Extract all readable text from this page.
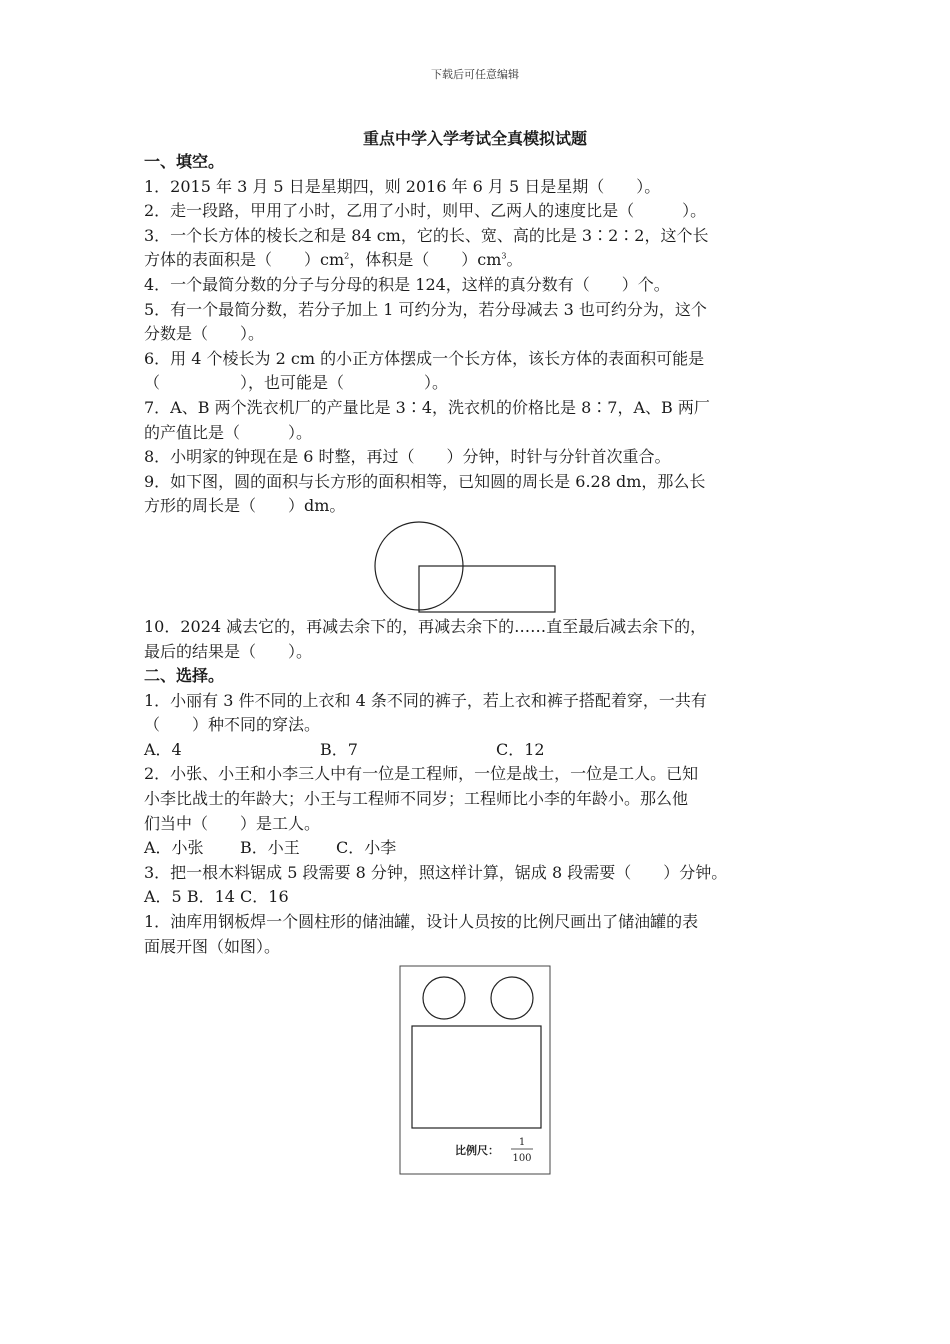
下载后可任意编辑
重点中学入学考试全真模拟试题
一、填空。
1．2015 年 3 月 5 日是星期四，则 2016 年 6 月 5 日是星期（　　）。
2．走一段路，甲用了小时，乙用了小时，则甲、乙两人的速度比是（　　　）。
3．一个长方体的棱长之和是 84 cm，它的长、宽、高的比是 3∶2∶2，这个长
方体的表面积是（　　）$cm^2$，体积是（　　）$cm^3$。
4．一个最简分数的分子与分母的积是 124，这样的真分数有（　　）个。
5．有一个最简分数，若分子加上 1 可约分为，若分母减去 3 也可约分为，这个
分数是（　　）。
6．用 4 个棱长为 2 cm 的小正方体摆成一个长方体，该长方体的表面积可能是
（　　　　　），也可能是（　　　　　）。
7．A、B 两个洗衣机厂的产量比是 3∶4，洗衣机的价格比是 8∶7，A、B 两厂
的产值比是（　　　）。
8．小明家的钟现在是 6 时整，再过（　　）分钟，时针与分针首次重合。
9．如下图，圆的面积与长方形的面积相等，已知圆的周长是 6.28 dm，那么长
方形的周长是（　　）dm。
10．2024 减去它的，再减去余下的，再减去余下的……直至最后减去余下的，
最后的结果是（　　）。
二、选择。
1．小丽有 3 件不同的上衣和 4 条不同的裤子，若上衣和裤子搭配着穿，一共有
（　　）种不同的穿法。
A．4	B．7	C．12
2．小张、小王和小李三人中有一位是工程师，一位是战士，一位是工人。已知
小李比战士的年龄大；小王与工程师不同岁；工程师比小李的年龄小。那么他
们当中（　　）是工人。
A．小张 B．小王 C．小李
3．把一根木料锯成 5 段需要 8 分钟，照这样计算，锯成 8 段需要（　　）分钟。
A．5 B．14 C．16
1．油库用钢板焊一个圆柱形的储油罐，设计人员按的比例尺画出了储油罐的表
面展开图（如图）。
比例尺：
1
100
